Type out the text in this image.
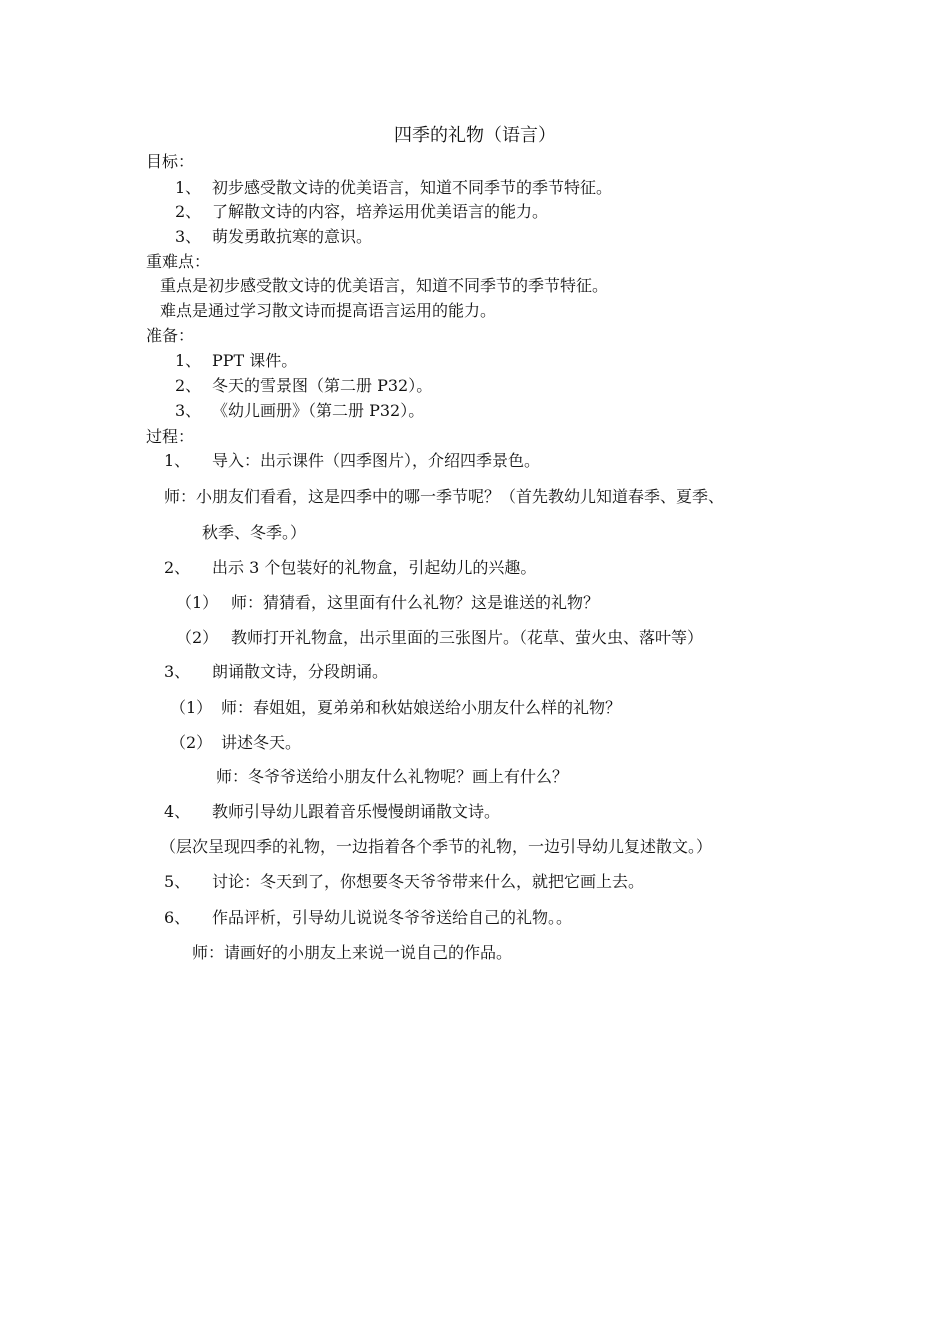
四季的礼物（语言）
目标：
1、 初步感受散文诗的优美语言，知道不同季节的季节特征。
2、 了解散文诗的内容，培养运用优美语言的能力。
3、 萌发勇敢抗寒的意识。
重难点：
重点是初步感受散文诗的优美语言，知道不同季节的季节特征。
难点是通过学习散文诗而提高语言运用的能力。
准备：
1、 PPT 课件。
2、 冬天的雪景图（第二册 P32）。
3、 《幼儿画册》（第二册 P32）。
过程：
1、 导入：出示课件（四季图片），介绍四季景色。
师：小朋友们看看，这是四季中的哪一季节呢？（首先教幼儿知道春季、夏季、
秋季、冬季。）
2、 出示 3 个包装好的礼物盒，引起幼儿的兴趣。
（1） 师：猜猜看，这里面有什么礼物？这是谁送的礼物？
（2） 教师打开礼物盒，出示里面的三张图片。（花草、萤火虫、落叶等）
3、 朗诵散文诗，分段朗诵。
（1） 师：春姐姐，夏弟弟和秋姑娘送给小朋友什么样的礼物？
（2） 讲述冬天。
师：冬爷爷送给小朋友什么礼物呢？画上有什么？
4、 教师引导幼儿跟着音乐慢慢朗诵散文诗。
（层次呈现四季的礼物，一边指着各个季节的礼物，一边引导幼儿复述散文。）
5、 讨论：冬天到了，你想要冬天爷爷带来什么，就把它画上去。
6、 作品评析，引导幼儿说说冬爷爷送给自己的礼物。。
师：请画好的小朋友上来说一说自己的作品。
